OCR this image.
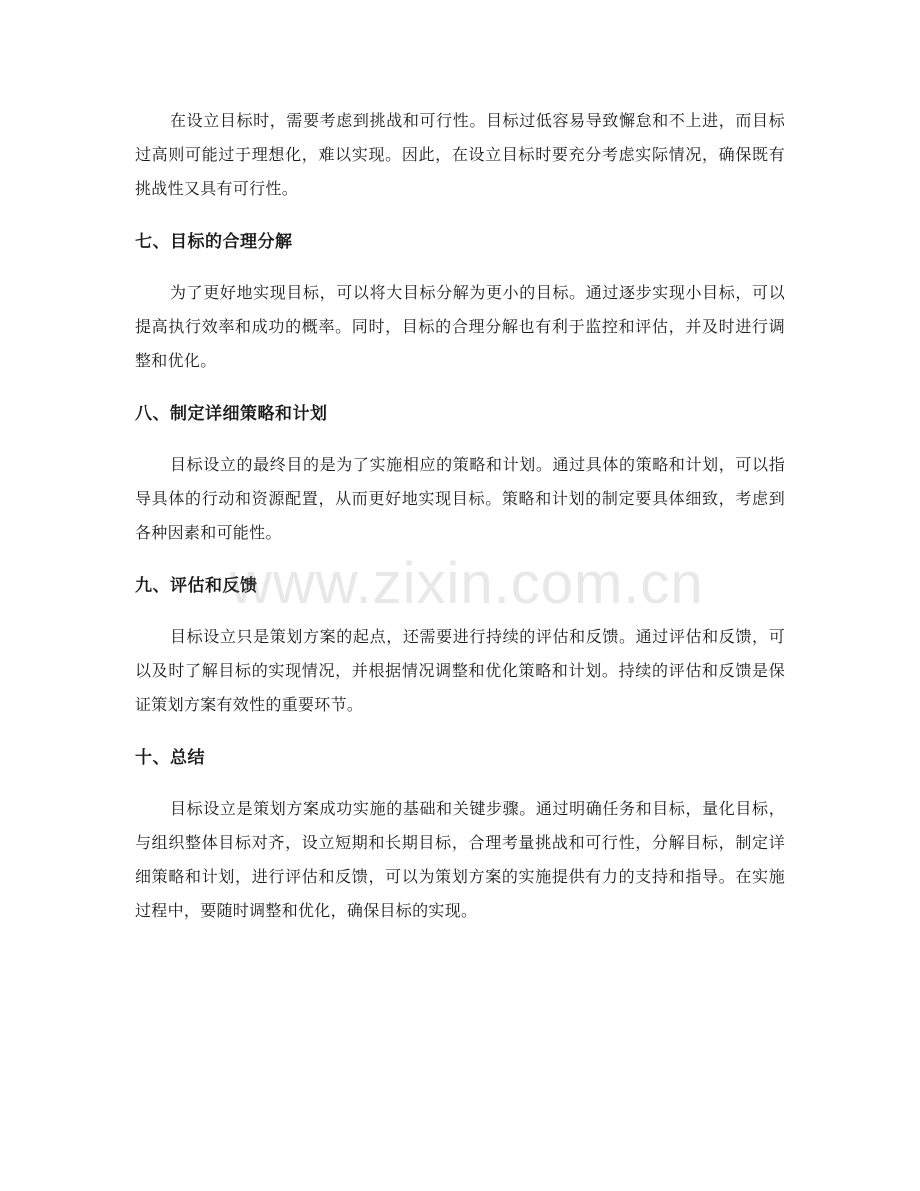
在设立目标时，需要考虑到挑战和可行性。目标过低容易导致懈怠和不上进，而目标过高则可能过于理想化，难以实现。因此，在设立目标时要充分考虑实际情况，确保既有挑战性又具有可行性。

七、目标的合理分解

为了更好地实现目标，可以将大目标分解为更小的目标。通过逐步实现小目标，可以提高执行效率和成功的概率。同时，目标的合理分解也有利于监控和评估，并及时进行调整和优化。

八、制定详细策略和计划

目标设立的最终目的是为了实施相应的策略和计划。通过具体的策略和计划，可以指导具体的行动和资源配置，从而更好地实现目标。策略和计划的制定要具体细致，考虑到各种因素和可能性。

九、评估和反馈

目标设立只是策划方案的起点，还需要进行持续的评估和反馈。通过评估和反馈，可以及时了解目标的实现情况，并根据情况调整和优化策略和计划。持续的评估和反馈是保证策划方案有效性的重要环节。

十、总结

目标设立是策划方案成功实施的基础和关键步骤。通过明确任务和目标，量化目标，与组织整体目标对齐，设立短期和长期目标，合理考量挑战和可行性，分解目标，制定详细策略和计划，进行评估和反馈，可以为策划方案的实施提供有力的支持和指导。在实施过程中，要随时调整和优化，确保目标的实现。

www.zixin.com.cn
